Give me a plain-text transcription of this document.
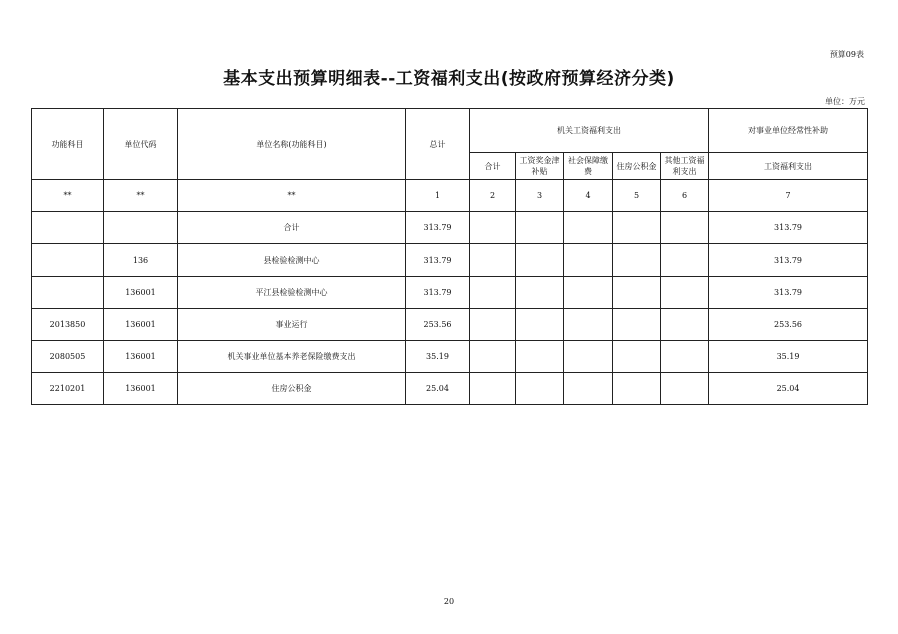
预算09表
基本支出预算明细表--工资福利支出(按政府预算经济分类)
单位：万元
功能科目	单位代码	单位名称(功能科目)	总计	机关工资福利支出					对事业单位经常性补助
				合计	工资奖金津补贴	社会保障缴费	住房公积金	其他工资福利支出	工资福利支出
**	**	**	1	2	3	4	5	6	7
		合计	313.79						313.79
	136	县检验检测中心	313.79						313.79
	136001	平江县检验检测中心	313.79						313.79
2013850	136001	事业运行	253.56						253.56
2080505	136001	机关事业单位基本养老保险缴费支出	35.19						35.19
2210201	136001	住房公积金	25.04						25.04
20
